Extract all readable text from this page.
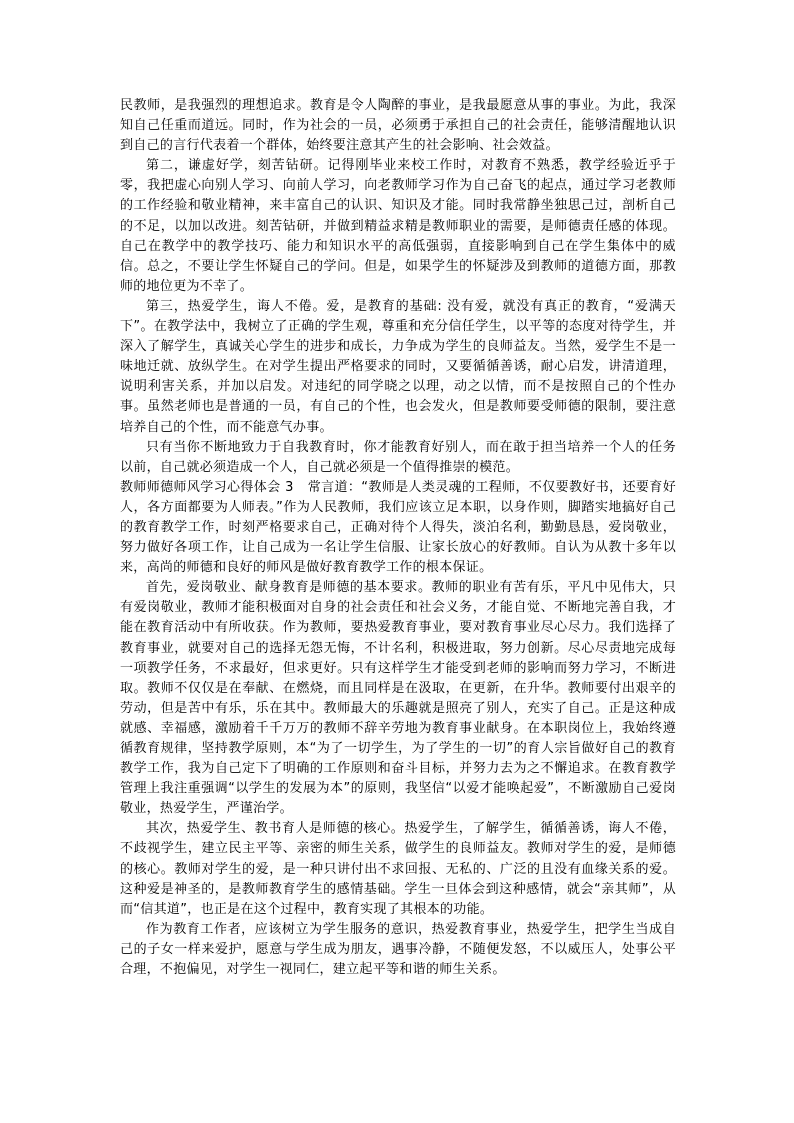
民教师，是我强烈的理想追求。教育是令人陶醉的事业，是我最愿意从事的事业。为此，我深知自己任重而道远。同时，作为社会的一员，必须勇于承担自己的社会责任，能够清醒地认识到自己的言行代表着一个群体，始终要注意其产生的社会影响、社会效益。

第二，谦虚好学，刻苦钻研。记得刚毕业来校工作时，对教育不熟悉，教学经验近乎于零，我把虚心向别人学习、向前人学习，向老教师学习作为自己奋飞的起点，通过学习老教师的工作经验和敬业精神，来丰富自己的认识、知识及才能。同时我常静坐独思己过，剖析自己的不足，以加以改进。刻苦钻研，并做到精益求精是教师职业的需要，是师德责任感的体现。自己在教学中的教学技巧、能力和知识水平的高低强弱，直接影响到自己在学生集体中的威信。总之，不要让学生怀疑自己的学问。但是，如果学生的怀疑涉及到教师的道德方面，那教师的地位更为不幸了。

第三，热爱学生，诲人不倦。爱，是教育的基础: 没有爱，就没有真正的教育，“爱满天下”。在教学法中，我树立了正确的学生观，尊重和充分信任学生，以平等的态度对待学生，并深入了解学生，真诚关心学生的进步和成长，力争成为学生的良师益友。当然，爱学生不是一味地迁就、放纵学生。在对学生提出严格要求的同时，又要循循善诱，耐心启发，讲清道理，说明利害关系，并加以启发。对违纪的同学晓之以理，动之以情，而不是按照自己的个性办事。虽然老师也是普通的一员，有自己的个性，也会发火，但是教师要受师德的限制，要注意培养自己的个性，而不能意气办事。

只有当你不断地致力于自我教育时，你才能教育好别人，而在敢于担当培养一个人的任务以前，自己就必须造成一个人，自己就必须是一个值得推崇的模范。

教师师德师风学习心得体会 3 常言道：“教师是人类灵魂的工程师，不仅要教好书，还要育好人，各方面都要为人师表。”作为人民教师，我们应该立足本职，以身作则，脚踏实地搞好自己的教育教学工作，时刻严格要求自己，正确对待个人得失，淡泊名利，勤勤恳恳，爱岗敬业，努力做好各项工作，让自己成为一名让学生信服、让家长放心的好教师。自认为从教十多年以来，高尚的师德和良好的师风是做好教育教学工作的根本保证。

首先，爱岗敬业、献身教育是师德的基本要求。教师的职业有苦有乐，平凡中见伟大，只有爱岗敬业，教师才能积极面对自身的社会责任和社会义务，才能自觉、不断地完善自我，才能在教育活动中有所收获。作为教师，要热爱教育事业，要对教育事业尽心尽力。我们选择了教育事业，就要对自己的选择无怨无悔，不计名利，积极进取，努力创新。尽心尽责地完成每一项教学任务，不求最好，但求更好。只有这样学生才能受到老师的影响而努力学习，不断进取。教师不仅仅是在奉献、在燃烧，而且同样是在汲取，在更新，在升华。教师要付出艰辛的劳动，但是苦中有乐，乐在其中。教师最大的乐趣就是照亮了别人，充实了自己。正是这种成就感、幸福感，激励着千千万万的教师不辞辛劳地为教育事业献身。在本职岗位上，我始终遵循教育规律，坚持教学原则，本“为了一切学生，为了学生的一切”的育人宗旨做好自己的教育教学工作，我为自己定下了明确的工作原则和奋斗目标，并努力去为之不懈追求。在教育教学管理上我注重强调“以学生的发展为本”的原则，我坚信“以爱才能唤起爱”，不断激励自己爱岗敬业，热爱学生，严谨治学。

其次，热爱学生、教书育人是师德的核心。热爱学生，了解学生，循循善诱，诲人不倦，不歧视学生，建立民主平等、亲密的师生关系，做学生的良师益友。教师对学生的爱，是师德的核心。教师对学生的爱，是一种只讲付出不求回报、无私的、广泛的且没有血缘关系的爱。这种爱是神圣的，是教师教育学生的感情基础。学生一旦体会到这种感情，就会“亲其师”，从而“信其道”，也正是在这个过程中，教育实现了其根本的功能。

作为教育工作者，应该树立为学生服务的意识，热爱教育事业，热爱学生，把学生当成自己的子女一样来爱护，愿意与学生成为朋友，遇事冷静，不随便发怒，不以威压人，处事公平合理，不抱偏见，对学生一视同仁，建立起平等和谐的师生关系。
